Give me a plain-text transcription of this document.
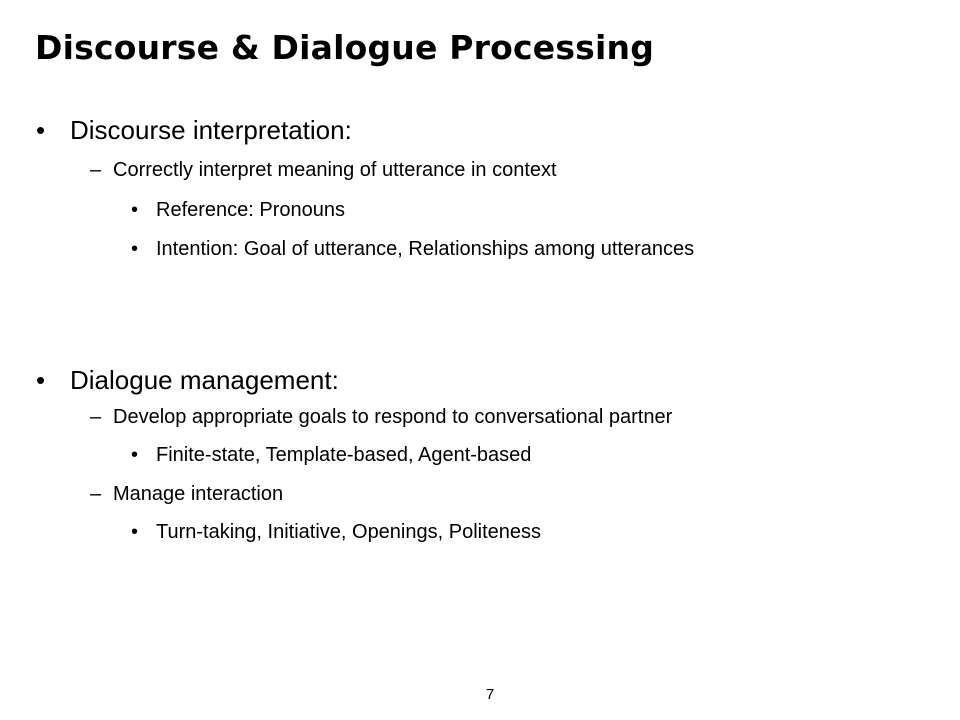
Discourse & Dialogue Processing
• Discourse interpretation:
– Correctly interpret meaning of utterance in context
• Reference: Pronouns
• Intention: Goal of utterance, Relationships among utterances
• Dialogue management:
– Develop appropriate goals to respond to conversational partner
• Finite-state, Template-based, Agent-based
– Manage interaction
• Turn-taking, Initiative, Openings, Politeness
7
